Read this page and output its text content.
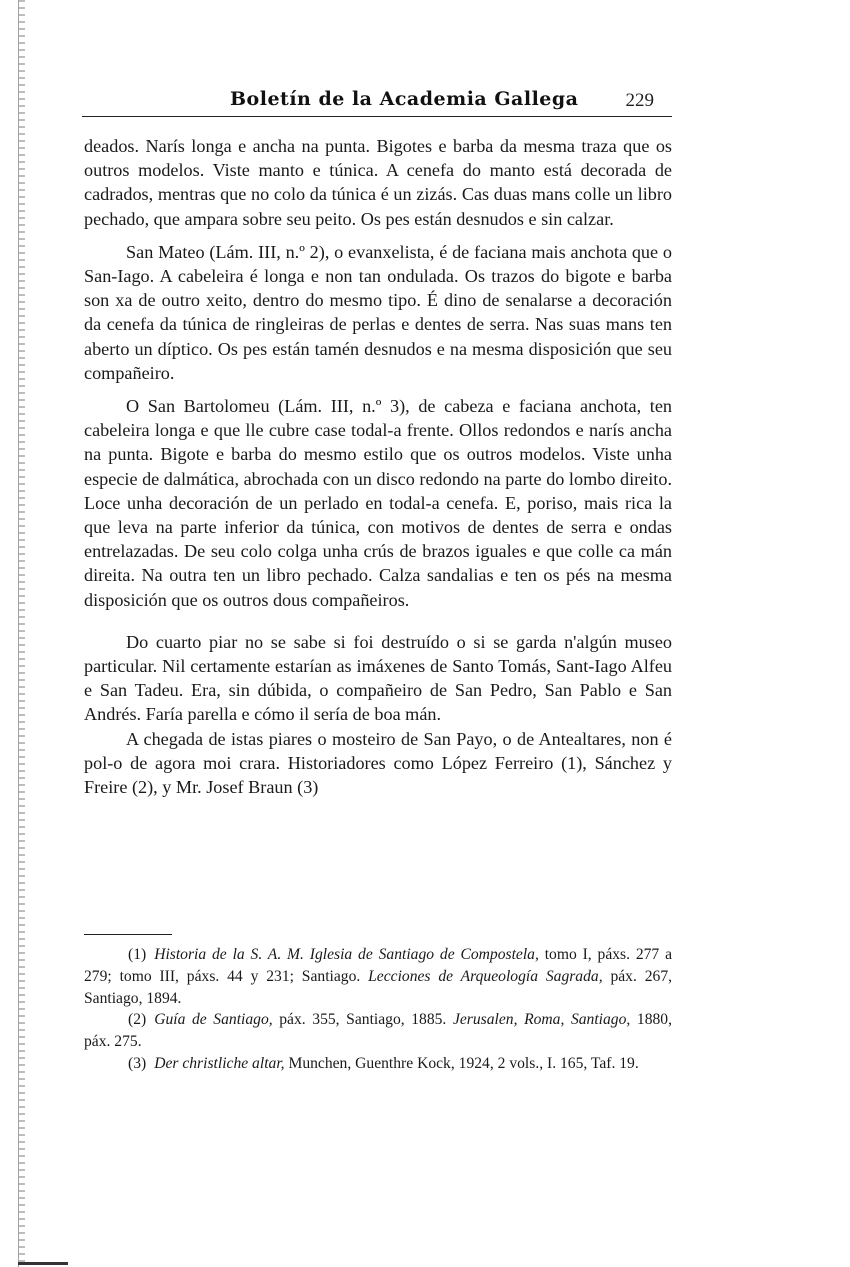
Boletín de la Academia Gallega 229

deados. Narís longa e ancha na punta. Bigotes e barba da mesma traza que os outros modelos. Viste manto e túnica. A cenefa do manto está decorada de cadrados, mentras que no colo da túnica é un zizás. Cas duas mans colle un libro pechado, que ampara sobre seu peito. Os pes están desnudos e sin calzar.

San Mateo (Lám. III, n.º 2), o evanxelista, é de faciana mais anchota que o San-Iago. A cabeleira é longa e non tan ondulada. Os trazos do bigote e barba son xa de outro xeito, dentro do mesmo tipo. É dino de senalarse a decoración da cenefa da túnica de ringleiras de perlas e dentes de serra. Nas suas mans ten aberto un díptico. Os pes están tamén desnudos e na mesma disposición que seu compañeiro.

O San Bartolomeu (Lám. III, n.º 3), de cabeza e faciana anchota, ten cabeleira longa e que lle cubre case todal-a frente. Ollos redondos e narís ancha na punta. Bigote e barba do mesmo estilo que os outros modelos. Viste unha especie de dalmática, abrochada con un disco redondo na parte do lombo direito. Loce unha decoración de un perlado en todal-a cenefa. E, poriso, mais rica la que leva na parte inferior da túnica, con motivos de dentes de serra e ondas entrelazadas. De seu colo colga unha crús de brazos iguales e que colle ca mán direita. Na outra ten un libro pechado. Calza sandalias e ten os pés na mesma disposición que os outros dous compañeiros.

Do cuarto piar no se sabe si foi destruído o si se garda n'algún museo particular. Nil certamente estarían as imáxenes de Santo Tomás, Sant-Iago Alfeu e San Tadeu. Era, sin dúbida, o compañeiro de San Pedro, San Pablo e San Andrés. Faría parella e cómo il sería de boa mán.

A chegada de istas piares o mosteiro de San Payo, o de Antealtares, non é pol-o de agora moi crara. Historiadores como López Ferreiro (1), Sánchez y Freire (2), y Mr. Josef Braun (3)

(1) Historia de la S. A. M. Iglesia de Santiago de Compostela, tomo I, páxs. 277 a 279; tomo III, páxs. 44 y 231; Santiago. Lecciones de Arqueología Sagrada, páx. 267, Santiago, 1894.

(2) Guía de Santiago, páx. 355, Santiago, 1885. Jerusalen, Roma, Santiago, 1880, páx. 275.

(3) Der christliche altar, Munchen, Guenthre Kock, 1924, 2 vols., I. 165, Taf. 19.
